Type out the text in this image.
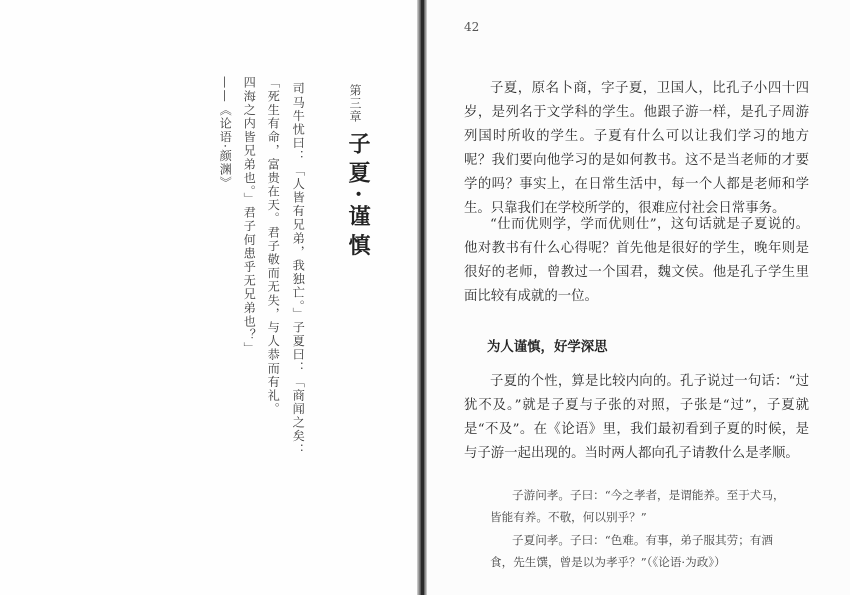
第三章
子夏·谨慎
司马牛忧曰：「人皆有兄弟，我独亡。」子夏曰：「商闻之矣：
「死生有命，富贵在天。君子敬而无失，与人恭而有礼。
四海之内皆兄弟也。」君子何患乎无兄弟也？」
——《论语·颜渊》
42

子夏，原名卜商，字子夏，卫国人，比孔子小四十四岁，是列名于文学科的学生。他跟子游一样，是孔子周游列国时所收的学生。子夏有什么可以让我们学习的地方呢？我们要向他学习的是如何教书。这不是当老师的才要学的吗？事实上，在日常生活中，每一个人都是老师和学生。只靠我们在学校所学的，很难应付社会日常事务。

“仕而优则学，学而优则仕”，这句话就是子夏说的。他对教书有什么心得呢？首先他是很好的学生，晚年则是很好的老师，曾教过一个国君，魏文侯。他是孔子学生里面比较有成就的一位。

为人谨慎，好学深思

子夏的个性，算是比较内向的。孔子说过一句话：“过犹不及。”就是子夏与子张的对照，子张是“过”，子夏就是“不及”。在《论语》里，我们最初看到子夏的时候，是与子游一起出现的。当时两人都向孔子请教什么是孝顺。

子游问孝。子曰：“今之孝者，是谓能养。至于犬马，皆能有养。不敬，何以别乎？”

子夏问孝。子曰：“色难。有事，弟子服其劳；有酒食，先生馔，曾是以为孝乎？”（《论语·为政》）
